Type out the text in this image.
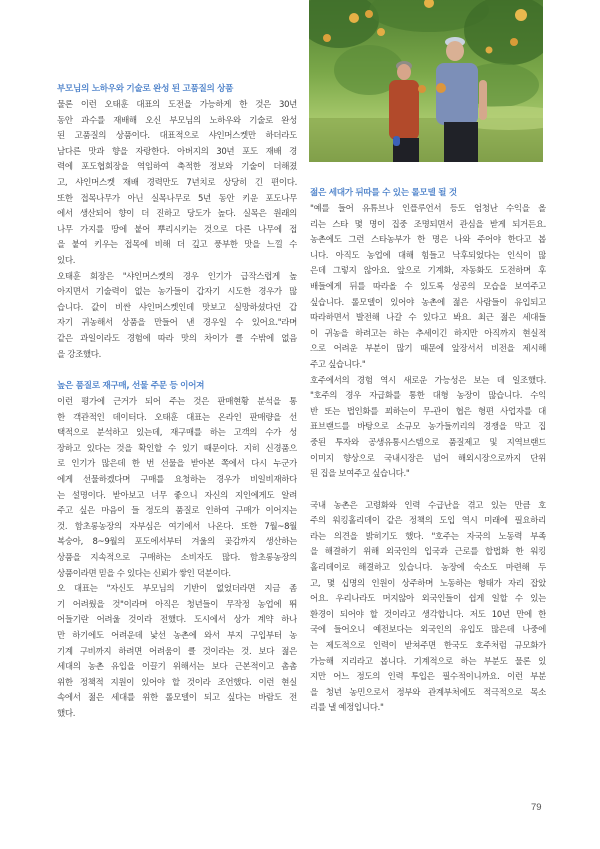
부모님의 노하우와 기술로 완성 된 고품질의 상품
물론 이런 오태훈 대표의 도전을 가능하게 한 것은 30년
동안 과수를 재배해 오신 부모님의 노하우와 기술로 완성
된 고품질의 상품이다. 대표적으로 샤인머스켓만 하더라도
남다른 맛과 향을 자랑한다. 아버지의 30년 포도 재배 경
력에 포도협회장을 역임하여 축적한 정보와 기술이 더해졌
고, 샤인머스켓 재배 경력만도 7년치로 상당히 긴 편이다.
또한 접목나무가 아닌 실목나무로 5년 동안 키운 포도나무
에서 생산되어 향이 더 진하고 당도가 높다. 실목은 원래의
나무 가지를 땅에 붙어 뿌리시키는 것으로 다른 나무에 접
을 붙여 키우는 접목에 비해 더 깊고 풍부한 맛을 느낄 수
있다.
오태훈 회장은 "샤인머스켓의 경우 인기가 급작스럽게 높
아지면서 기술력이 없는 농가들이 갑자기 시도한 경우가 많
습니다. 값이 비싼 샤인머스켓인데 맛보고 실망하셨다던 갑
자기 귀농해서 상품을 만들어 낸 경우일 수 있어요."라며
같은 과일이라도 경험에 따라 맛의 차이가 클 수밖에 없음
을 강조했다.
높은 품질로 재구매, 선물 주문 등 이어져
이런 평가에 근거가 되어 주는 것은 판매현황 분석을 통
한 객관적인 데이터다. 오태훈 대표는 온라인 판매량을 선
택적으로 분석하고 있는데, 재구매를 하는 고객의 수가 성
장하고 있다는 것을 확인할 수 있기 때문이다. 지히 신경품으
로 인기가 많은데 한 번 선물을 받아본 쪽에서 다시 누군가
에게 선물하겠다며 구매를 요청하는 경우가 비일비재하다
는 설명이다. 받아보고 너무 좋으니 자신의 지인에게도 알려
주고 싶은 마음이 들 정도의 품질로 인하여 구매가 이어지는
것. 함초롱농장의 자부심은 여기에서 나온다. 또한 7월~8월
복숭아, 8~9월의 포도에서부터 겨울의 곶감까지 생산하는
상품을 지속적으로 구매하는 소비자도 많다. 함초롱농장의
상품이라면 믿을 수 있다는 신뢰가 쌓인 덕분이다.
오 대표는 "자신도 부모님의 기반이 없었더라면 지금 좀
기 어려웠을 것"이라며 아직은 청년들이 무작정 농업에 뛰
어들기란 어려울 것이라 전했다. 도시에서 상가 계약 하나
만 하기에도 어려운데 낯선 농촌에 와서 부지 구입부터 농
기계 구비까지 하려면 어려움이 클 것이라는 것. 보다 젊은
세대의 농촌 유입을 이끌기 위해서는 보다 근본적이고 촘촘
위한 정책적 지원이 있어야 할 것이라 조언했다. 이런 현실
속에서 젊은 세대를 위한 롤모델이 되고 싶다는 바람도 전
했다.
젊은 세대가 뒤따를 수 있는 롤모델 될 것
"예를 들어 유튜브나 인플루언서 등도 엄청난 수익을 올
리는 스타 몇 명이 집중 조명되면서 관심을 받게 되거든요.
농촌에도 그런 스타농부가 한 명은 나와 주어야 한다고 봅
니다. 아직도 농업에 대해 힘들고 낙후되었다는 인식이 많
은데 그렇지 않아요. 앞으로 기계화, 자동화도 도전하며 후
배들에게 뒤를 따라올 수 있도록 성공의 모습을 보여주고
싶습니다. 롤모델이 있어야 농촌에 젊은 사람들이 유입되고
따라하면서 발전해 나갈 수 있다고 봐요. 최근 젊은 세대들
이 귀농을 하려고는 하는 추세이긴 하지만 아직까지 현실적
으로 어려운 부분이 많기 때문에 앞장서서 비전을 제시해
주고 싶습니다."
호주에서의 경험 역시 새로운 가능성은 보는 데 일조했다.
"호주의 경우 자급화를 통한 대형 농장이 많습니다. 수익
반 또는 법인화를 꾀하는이 무-관이 협은 형편 사업자를 대
표브랜드를 바탕으로 소규모 농가들끼리의 경쟁을 막고 집
중된 투자와 공생유통시스템으로 품질제고 및 지역브랜드
이미지 향상으로 국내시장은 넘어 해외시장으로까지 단위
된 집을 보여주고 싶습니다."
국내 농촌은 고령화와 인력 수급난을 겪고 있는 만큼 호
주의 워킹홀리데이 같은 정책의 도입 역시 미래에 필요하리
라는 의견을 밝히기도 했다. "호주는 자국의 노동력 부족
을 해결하기 위해 외국인의 입국과 근로를 합법화 한 워킹
홀리데이로 해결하고 있습니다. 농장에 숙소도 마련해 두
고, 몇 십명의 인원이 상주하며 노동하는 형태가 자리 잡았
어요. 우리나라도 머지않아 외국인들이 쉽게 일할 수 있는
환경이 되어야 할 것이라고 생각합니다. 저도 10년 만에 한
국에 들어오니 예전보다는 외국인의 유입도 많은데 나중에
는 제도적으로 인력이 받쳐주면 한국도 호주처럼 규모화가
가능해 지리라고 봅니다. 기계적으로 하는 부분도 물론 있
지만 어느 정도의 인력 투입은 필수적이니까요. 이런 부분
을 청년 농민으로서 정부와 관계부처에도 적극적으로 목소
리를 낼 예정입니다."
79
